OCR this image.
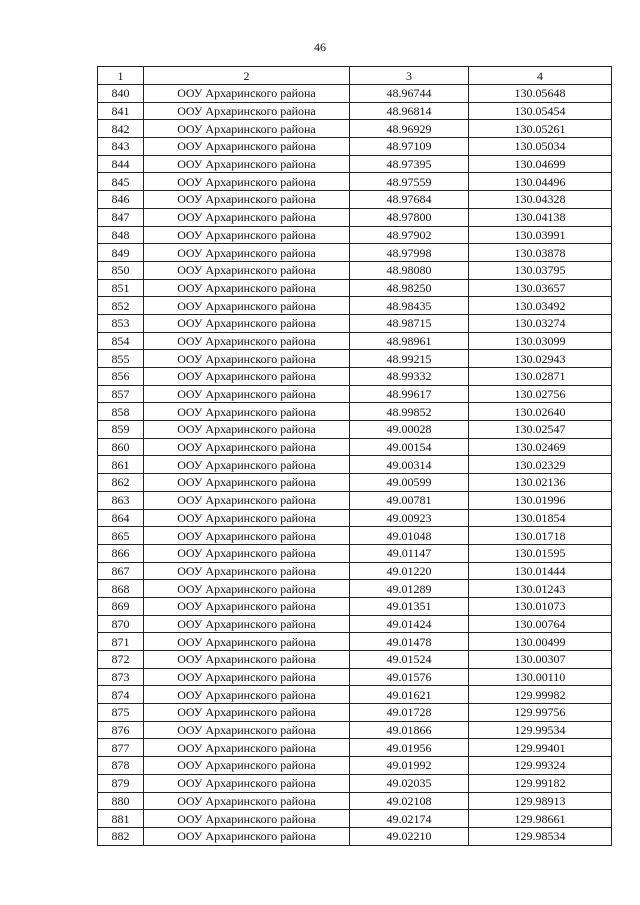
46
1	2	3	4
840	ООУ Архаринского района	48.96744	130.05648
841	ООУ Архаринского района	48.96814	130.05454
842	ООУ Архаринского района	48.96929	130.05261
843	ООУ Архаринского района	48.97109	130.05034
844	ООУ Архаринского района	48.97395	130.04699
845	ООУ Архаринского района	48.97559	130.04496
846	ООУ Архаринского района	48.97684	130.04328
847	ООУ Архаринского района	48.97800	130.04138
848	ООУ Архаринского района	48.97902	130.03991
849	ООУ Архаринского района	48.97998	130.03878
850	ООУ Архаринского района	48.98080	130.03795
851	ООУ Архаринского района	48.98250	130.03657
852	ООУ Архаринского района	48.98435	130.03492
853	ООУ Архаринского района	48.98715	130.03274
854	ООУ Архаринского района	48.98961	130.03099
855	ООУ Архаринского района	48.99215	130.02943
856	ООУ Архаринского района	48.99332	130.02871
857	ООУ Архаринского района	48.99617	130.02756
858	ООУ Архаринского района	48.99852	130.02640
859	ООУ Архаринского района	49.00028	130.02547
860	ООУ Архаринского района	49.00154	130.02469
861	ООУ Архаринского района	49.00314	130.02329
862	ООУ Архаринского района	49.00599	130.02136
863	ООУ Архаринского района	49.00781	130.01996
864	ООУ Архаринского района	49.00923	130.01854
865	ООУ Архаринского района	49.01048	130.01718
866	ООУ Архаринского района	49.01147	130.01595
867	ООУ Архаринского района	49.01220	130.01444
868	ООУ Архаринского района	49.01289	130.01243
869	ООУ Архаринского района	49.01351	130.01073
870	ООУ Архаринского района	49.01424	130.00764
871	ООУ Архаринского района	49.01478	130.00499
872	ООУ Архаринского района	49.01524	130.00307
873	ООУ Архаринского района	49.01576	130.00110
874	ООУ Архаринского района	49.01621	129.99982
875	ООУ Архаринского района	49.01728	129.99756
876	ООУ Архаринского района	49.01866	129.99534
877	ООУ Архаринского района	49.01956	129.99401
878	ООУ Архаринского района	49.01992	129.99324
879	ООУ Архаринского района	49.02035	129.99182
880	ООУ Архаринского района	49.02108	129.98913
881	ООУ Архаринского района	49.02174	129.98661
882	ООУ Архаринского района	49.02210	129.98534
